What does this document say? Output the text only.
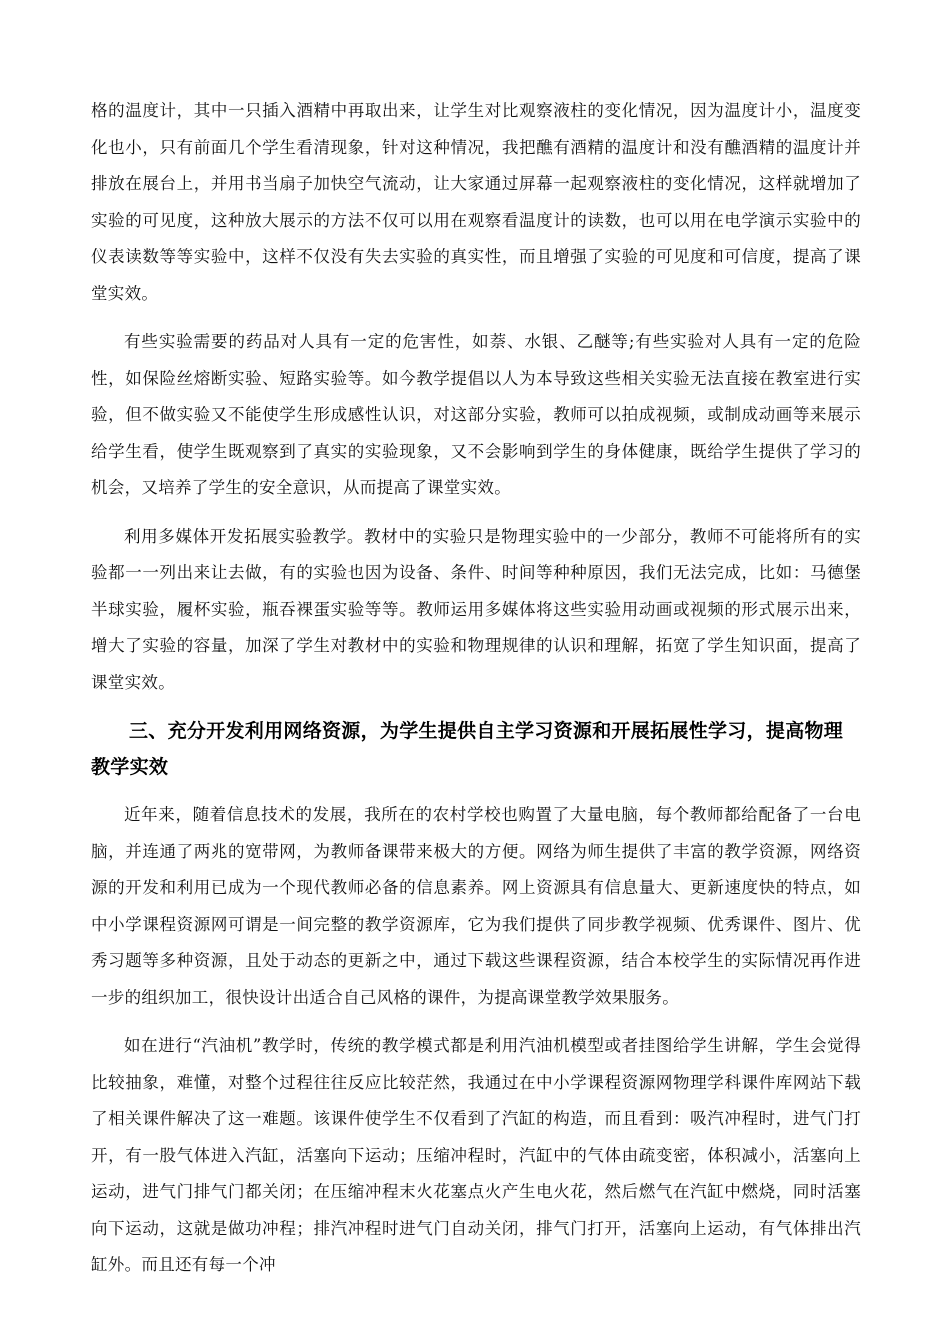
格的温度计，其中一只插入酒精中再取出来，让学生对比观察液柱的变化情况，因为温度计小，温度变化也小，只有前面几个学生看清现象，针对这种情况，我把醮有酒精的温度计和没有醮酒精的温度计并排放在展台上，并用书当扇子加快空气流动，让大家通过屏幕一起观察液柱的变化情况，这样就增加了实验的可见度，这种放大展示的方法不仅可以用在观察看温度计的读数，也可以用在电学演示实验中的仪表读数等等实验中，这样不仅没有失去实验的真实性，而且增强了实验的可见度和可信度，提高了课堂实效。

有些实验需要的药品对人具有一定的危害性，如萘、水银、乙醚等;有些实验对人具有一定的危险性，如保险丝熔断实验、短路实验等。如今教学提倡以人为本导致这些相关实验无法直接在教室进行实验，但不做实验又不能使学生形成感性认识，对这部分实验，教师可以拍成视频，或制成动画等来展示给学生看，使学生既观察到了真实的实验现象，又不会影响到学生的身体健康，既给学生提供了学习的机会，又培养了学生的安全意识，从而提高了课堂实效。

利用多媒体开发拓展实验教学。教材中的实验只是物理实验中的一少部分，教师不可能将所有的实验都一一列出来让去做，有的实验也因为设备、条件、时间等种种原因，我们无法完成，比如：马德堡半球实验，履杯实验，瓶吞裸蛋实验等等。教师运用多媒体将这些实验用动画或视频的形式展示出来，增大了实验的容量，加深了学生对教材中的实验和物理规律的认识和理解，拓宽了学生知识面，提高了课堂实效。

三、充分开发利用网络资源，为学生提供自主学习资源和开展拓展性学习，提高物理教学实效

近年来，随着信息技术的发展，我所在的农村学校也购置了大量电脑，每个教师都给配备了一台电脑，并连通了两兆的宽带网，为教师备课带来极大的方便。网络为师生提供了丰富的教学资源，网络资源的开发和利用已成为一个现代教师必备的信息素养。网上资源具有信息量大、更新速度快的特点，如中小学课程资源网可谓是一间完整的教学资源库，它为我们提供了同步教学视频、优秀课件、图片、优秀习题等多种资源，且处于动态的更新之中，通过下载这些课程资源，结合本校学生的实际情况再作进一步的组织加工，很快设计出适合自己风格的课件，为提高课堂教学效果服务。

如在进行“汽油机”教学时，传统的教学模式都是利用汽油机模型或者挂图给学生讲解，学生会觉得比较抽象，难懂，对整个过程往往反应比较茫然，我通过在中小学课程资源网物理学科课件库网站下载了相关课件解决了这一难题。该课件使学生不仅看到了汽缸的构造，而且看到：吸汽冲程时，进气门打开，有一股气体进入汽缸，活塞向下运动；压缩冲程时，汽缸中的气体由疏变密，体积减小，活塞向上运动，进气门排气门都关闭；在压缩冲程末火花塞点火产生电火花，然后燃气在汽缸中燃烧，同时活塞向下运动，这就是做功冲程；排汽冲程时进气门自动关闭，排气门打开，活塞向上运动，有气体排出汽缸外。而且还有每一个冲
